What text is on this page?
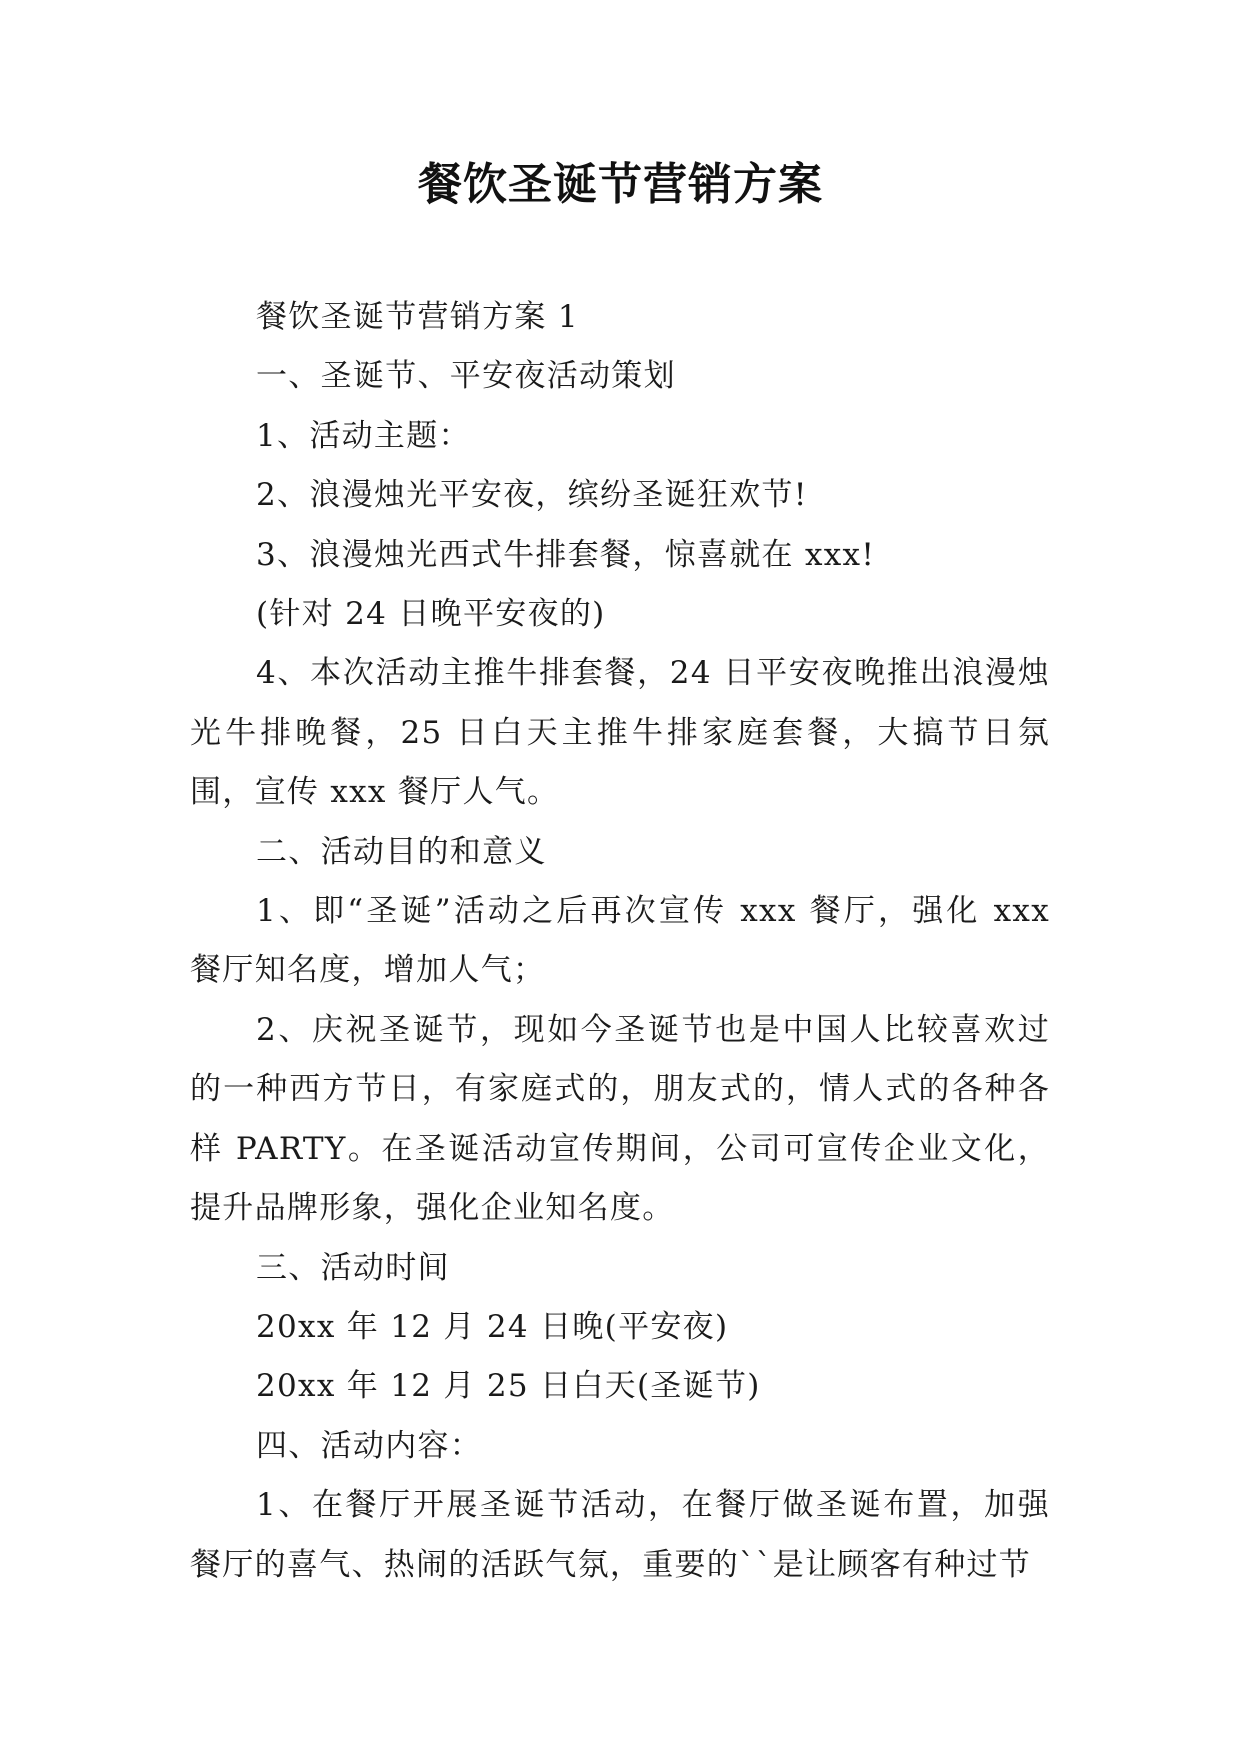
餐饮圣诞节营销方案

餐饮圣诞节营销方案 1

一、圣诞节、平安夜活动策划

1、活动主题：

2、浪漫烛光平安夜，缤纷圣诞狂欢节!

3、浪漫烛光西式牛排套餐，惊喜就在 xxx!

(针对 24 日晚平安夜的)

4、本次活动主推牛排套餐，24 日平安夜晚推出浪漫烛光牛排晚餐，25 日白天主推牛排家庭套餐，大搞节日氛围，宣传 xxx 餐厅人气。

二、活动目的和意义

1、即“圣诞”活动之后再次宣传 xxx 餐厅，强化 xxx 餐厅知名度，增加人气；

2、庆祝圣诞节，现如今圣诞节也是中国人比较喜欢过的一种西方节日，有家庭式的，朋友式的，情人式的各种各样 PARTY。在圣诞活动宣传期间，公司可宣传企业文化，提升品牌形象，强化企业知名度。

三、活动时间

20xx 年 12 月 24 日晚(平安夜)

20xx 年 12 月 25 日白天(圣诞节)

四、活动内容：

1、在餐厅开展圣诞节活动，在餐厅做圣诞布置，加强餐厅的喜气、热闹的活跃气氛，重要的``是让顾客有种过节
